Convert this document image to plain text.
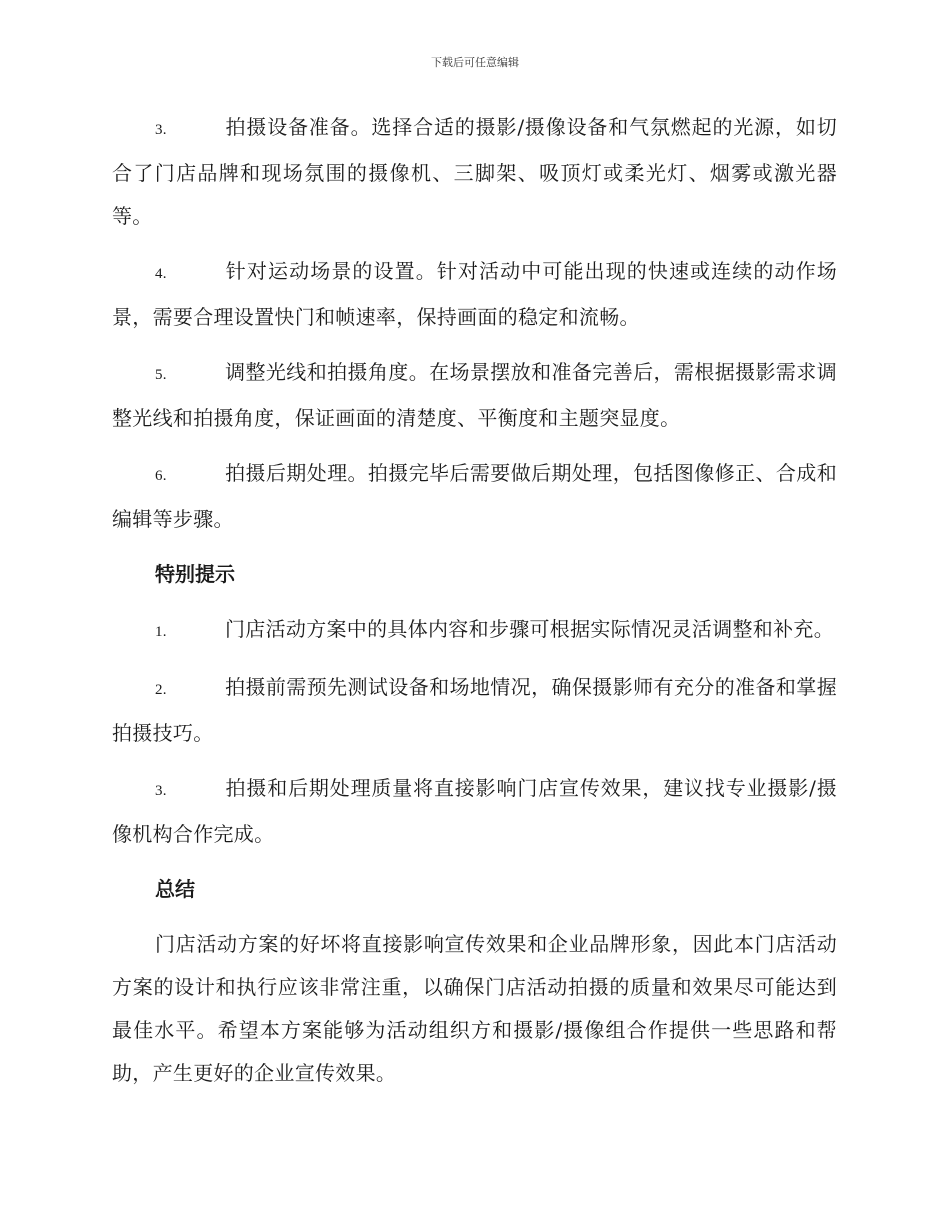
下载后可任意编辑

3.	拍摄设备准备。选择合适的摄影/摄像设备和气氛燃起的光源，如切合了门店品牌和现场氛围的摄像机、三脚架、吸顶灯或柔光灯、烟雾或激光器等。

4.	针对运动场景的设置。针对活动中可能出现的快速或连续的动作场景，需要合理设置快门和帧速率，保持画面的稳定和流畅。

5.	调整光线和拍摄角度。在场景摆放和准备完善后，需根据摄影需求调整光线和拍摄角度，保证画面的清楚度、平衡度和主题突显度。

6.	拍摄后期处理。拍摄完毕后需要做后期处理，包括图像修正、合成和编辑等步骤。

特别提示

1.	门店活动方案中的具体内容和步骤可根据实际情况灵活调整和补充。

2.	拍摄前需预先测试设备和场地情况，确保摄影师有充分的准备和掌握拍摄技巧。

3.	拍摄和后期处理质量将直接影响门店宣传效果，建议找专业摄影/摄像机构合作完成。

总结

门店活动方案的好坏将直接影响宣传效果和企业品牌形象，因此本门店活动方案的设计和执行应该非常注重，以确保门店活动拍摄的质量和效果尽可能达到最佳水平。希望本方案能够为活动组织方和摄影/摄像组合作提供一些思路和帮助，产生更好的企业宣传效果。
